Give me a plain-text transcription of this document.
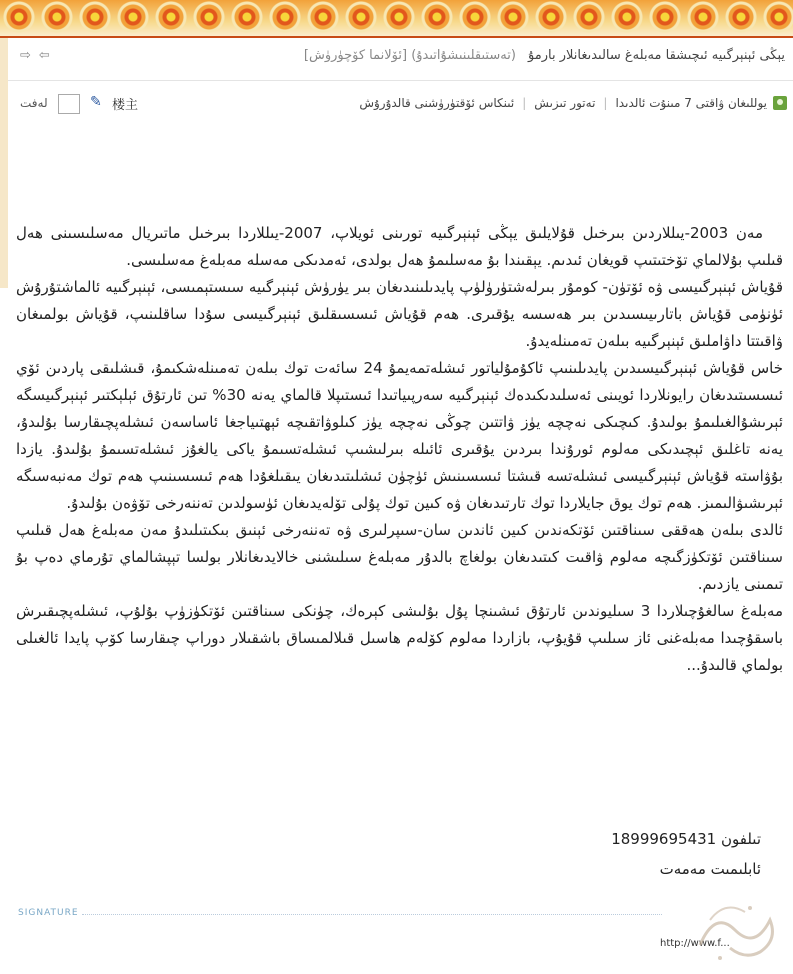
⇨ ⇦	يېڭى ئېنېرگىيە ئىچىشقا مەبلەغ سالىدىغانلار بارمۇ (تەستىقلىنىشۇاتىدۇ) [ئۆلانما كۆچۈرۈش]
لەفت	✎ 楼主	يوللىغان ۋاقتى 7 مىنۇت ئالدىدا
|
تەتور تىزىش
|
ئىنكاس ئۆقتۈرۈشنى قالدۇرۇش

مەن 2003-يىللاردىن بىرخىل قۇلايلىق يېڭى ئېنېرگىيە تورىنى ئويلاپ، 2007-يىللاردا بىرخىل ماتىريال مەسلىسىنى ھەل قىلىپ بۇلالماي تۆختىتىپ قويغان ئىدىم. يېقىندا بۇ مەسلىمۇ ھەل بولدى، ئەمدىكى مەسلە مەبلەغ مەسلىسى.

قۇياش ئېنېرگىيسى ۋە ئۆتۈن- كومۇر بىرلەشتۈرۈلۈپ پايدىلىنىدىغان بىر يۈرۈش ئېنېرگىيە سىستېمىسى، ئېنېرگىيە ئالماشتۇرۇش ئۈنۈمى قۇياش باتارىيىسىدىن بىر ھەسسە يۇقىرى. ھەم قۇياش ئىسسىقلىق ئېنېرگىيسى سۇدا ساقلىنىپ، قۇياش بولمىغان ۋاقىتتا داۋاملىق ئېنېرگىيە بىلەن تەمىنلەيدۇ.

خاس قۇياش ئېنېرگىيسىدىن پايدىلىنىپ ئاكۇمۇلياتور ئىشلەتمەيمۇ 24 سائەت توك بىلەن تەمىنلەشكىمۇ، قىشلىقى پاردىن ئۆي ئىسسىتىدىغان رايونلاردا ئويىنى ئەسلىدىكىدەك ئېنېرگىيە سەرپىياتىدا ئىستىپلا قالماي يەنە 30% تىن ئارتۇق ئېلېكتىر ئېنېرگىيسگە ئېرىشۇالغىلىمۇ بولىدۇ. كىچىكى نەچچە يۈز ۋاتتىن چوڭى نەچچە يۈز كىلوۋاتقىچە ئېھتىياجغا ئاساسەن ئىشلەپچىقارسا بۇلىدۇ، يەنە تاغلىق ئېچىدىكى مەلوم ئورۇندا بىردىن يۇقىرى ئائىلە بىرلىشىپ ئىشلەتسىمۇ ياكى يالغۇز ئىشلەتسىمۇ بۇلىدۇ. يازدا بۇۋاستە قۇياش ئېنېرگىيسى ئىشلەتسە قىشتا ئىسسىنىش ئۈچۈن ئىشلىتىدىغان يىقىلغۇدا ھەم ئىسسىنىپ ھەم توك مەنبەسىگە ئېرىشىۋالىمىز. ھەم توك يوق جايلاردا توك تارتىدىغان ۋە كىين توك پۇلى تۆلەيدىغان ئۈسولدىن تەننەرخى تۆۋەن بۇلىدۇ.

ئالدى بىلەن ھەققى سىناقتىن ئۆتكەندىن كىين ئاندىن سان-سىپرلىرى ۋە تەننەرخى ئېنىق بىكىتىلىدۇ مەن مەبلەغ ھەل قىلىپ سىناقتىن ئۆتكۈزگىچە مەلوم ۋاقىت كىتىدىغان بولغاچ بالدۇر مەبلەغ سىلىشنى خالايدىغانلار بولسا تېپشالماي تۇرماي دەپ بۇ تىمىنى يازدىم.

مەبلەغ سالغۇچىلاردا 3 سىليوندىن ئارتۇق ئىشىنچا پۇل بۇلىشى كېرەك، چۈنكى سىناقتىن ئۆتكۈزۈپ بۇلۇپ، ئىشلەپچىقىرش باسقۇچىدا مەبلەغنى ئاز سىلىپ قۇيۇپ، بازاردا مەلوم كۆلەم ھاسىل قىلالمىساق باشقىلار دوراپ چىقارسا كۆپ پايدا ئالغىلى بولماي قالىدۇ...

تىلفون 18999695431
ئابلىمىت مەمەت
SIGNATURE
http://www.f...
